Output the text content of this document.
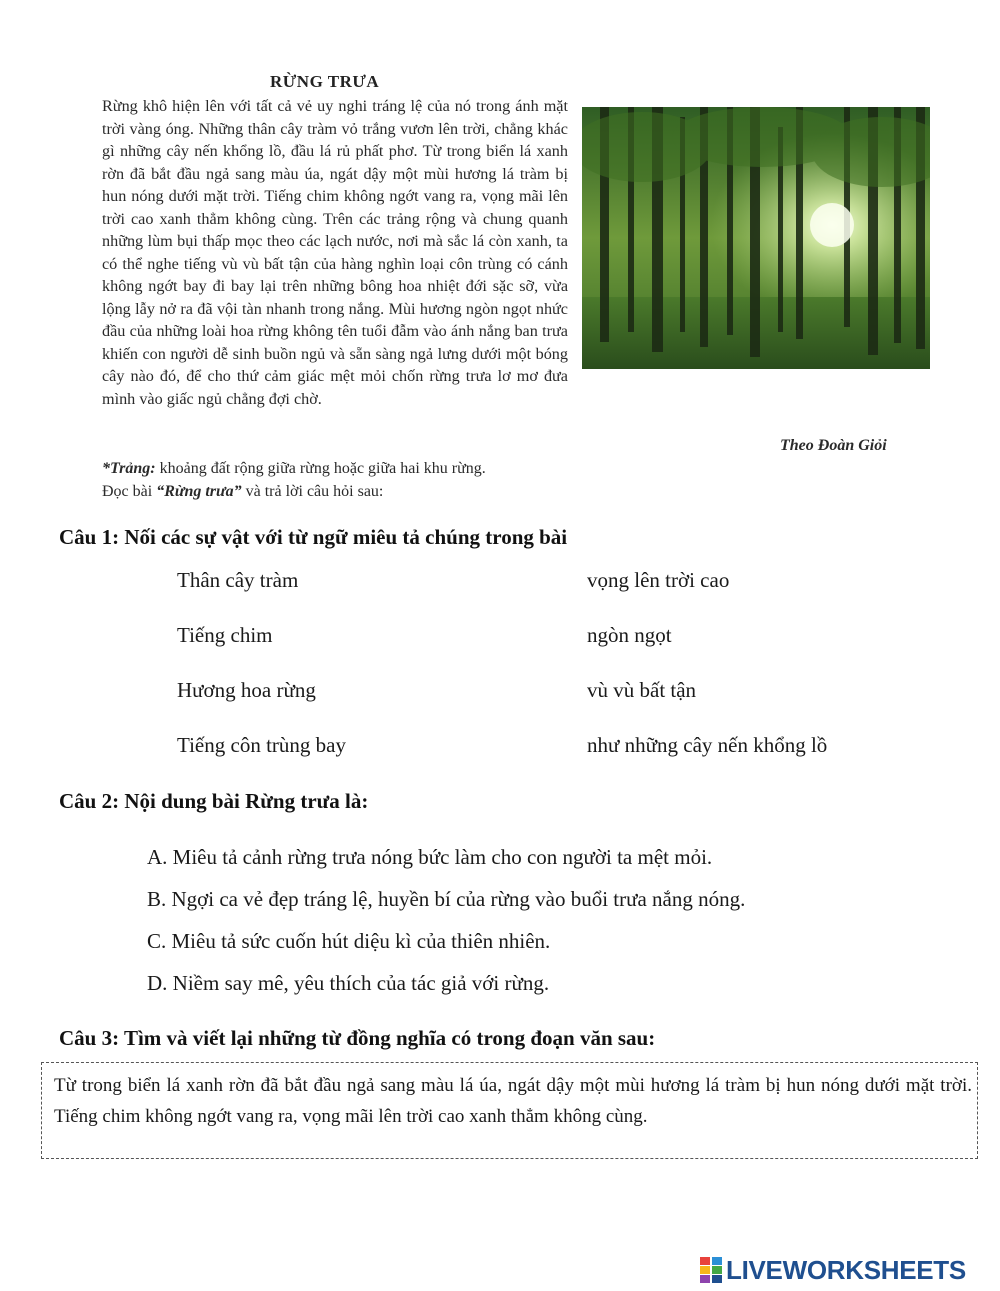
RỪNG TRƯA
Rừng khô hiện lên với tất cả vẻ uy nghi tráng lệ của nó trong ánh mặt trời vàng óng. Những thân cây tràm vỏ trắng vươn lên trời, chẳng khác gì những cây nến khổng lồ, đầu lá rủ phất phơ. Từ trong biển lá xanh rờn đã bắt đầu ngả sang màu úa, ngát dậy một mùi hương lá tràm bị hun nóng dưới mặt trời. Tiếng chim không ngớt vang ra, vọng mãi lên trời cao xanh thẳm không cùng. Trên các trảng rộng và chung quanh những lùm bụi thấp mọc theo các lạch nước, nơi mà sắc lá còn xanh, ta có thể nghe tiếng vù vù bất tận của hàng nghìn loại côn trùng có cánh không ngớt bay đi bay lại trên những bông hoa nhiệt đới sặc sỡ, vừa lộng lẫy nở ra đã vội tàn nhanh trong nắng. Mùi hương ngòn ngọt nhức đầu của những loài hoa rừng không tên tuổi đẫm vào ánh nắng ban trưa khiến con người dễ sinh buồn ngủ và sẵn sàng ngả lưng dưới một bóng cây nào đó, để cho thứ cảm giác mệt mỏi chốn rừng trưa lơ mơ đưa mình vào giấc ngủ chẳng đợi chờ.
Theo Đoàn Giỏi
*Trảng: khoảng đất rộng giữa rừng hoặc giữa hai khu rừng.
Đọc bài “Rừng trưa” và trả lời câu hỏi sau:
Câu 1: Nối các sự vật với từ ngữ miêu tả chúng trong bài
Thân cây tràm	vọng lên trời cao
Tiếng chim	ngòn ngọt
Hương hoa rừng	vù vù bất tận
Tiếng côn trùng bay	như những cây nến khổng lồ
Câu 2: Nội dung bài Rừng trưa là:
A. Miêu tả cảnh rừng trưa nóng bức làm cho con người ta mệt mỏi.
B. Ngợi ca vẻ đẹp tráng lệ, huyền bí của rừng vào buổi trưa nắng nóng.
C. Miêu tả sức cuốn hút diệu kì của thiên nhiên.
D. Niềm say mê, yêu thích của tác giả với rừng.
Câu 3: Tìm và viết lại những từ đồng nghĩa có trong đoạn văn sau:
Từ trong biển lá xanh rờn đã bắt đầu ngả sang màu lá úa, ngát dậy một mùi hương lá tràm bị hun nóng dưới mặt trời. Tiếng chim không ngớt vang ra, vọng mãi lên trời cao xanh thẳm không cùng.
LIVEWORKSHEETS
